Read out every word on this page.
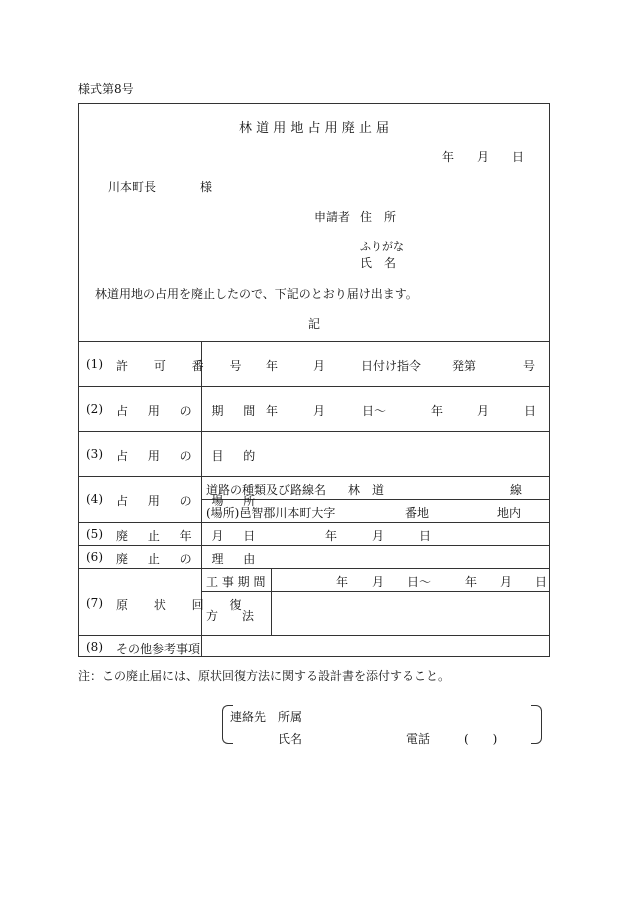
様式第8号
林 道 用 地 占 用 廃 止 届
年 月 日
川本町長	様
申請者 住　所
ふりがな
氏　名
林道用地の占用を廃止したので、下記のとおり届け出ます。
記
(1) 許 可 番 号 年	月	日付け指令	発第	号
(2) 占 用 の 期 間 年	月	日～	年	月	日
(3) 占 用 の 目 的
(4) 占 用 の 場 所
道路の種類及び路線名 林　道	線
(場所)邑智郡川本町大字	番地	地内
(5) 廃 止 年 月 日	年	月	日
(6) 廃 止 の 理 由
(7) 原 状 回 復
工 事 期 間	年 月 日～	年 月 日
方　　法
(8) その他参考事項
注：この廃止届には、原状回復方法に関する設計書を添付すること。
連絡先 所属
氏名	電話	(　　)
